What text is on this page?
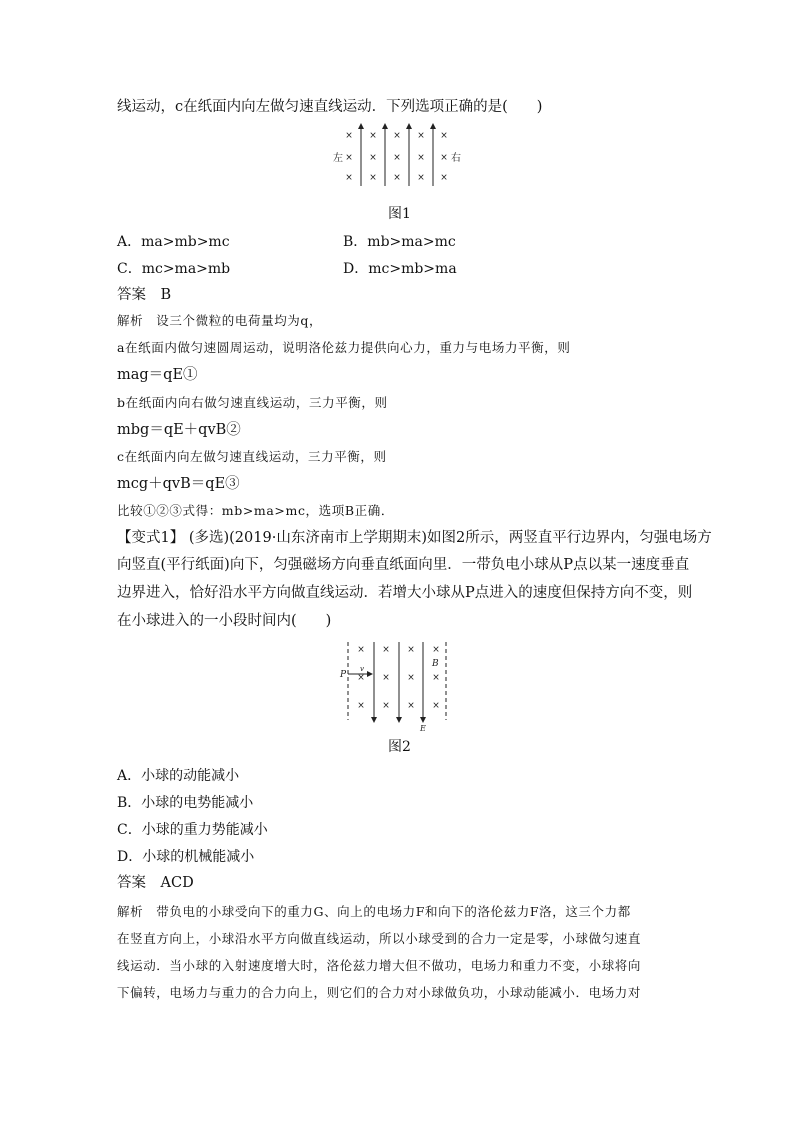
线运动，c在纸面内向左做匀速直线运动．下列选项正确的是(　　)
× × × × ×
× × × × ×
× × × × ×
左	右
图1
A．ma>mb>mc	B．mb>ma>mc
C．mc>ma>mb	D．mc>mb>ma
答案　B
解析　设三个微粒的电荷量均为q，
a在纸面内做匀速圆周运动，说明洛伦兹力提供向心力，重力与电场力平衡，则
mag＝qE①
b在纸面内向右做匀速直线运动，三力平衡，则
mbg＝qE＋qvB②
c在纸面内向左做匀速直线运动，三力平衡，则
mcg＋qvB＝qE③
比较①②③式得：mb>ma>mc，选项B正确．
【变式1】 (多选)(2019·山东济南市上学期期末)如图2所示，两竖直平行边界内，匀强电场方
向竖直(平行纸面)向下，匀强磁场方向垂直纸面向里．一带负电小球从P点以某一速度垂直
边界进入，恰好沿水平方向做直线运动．若增大小球从P点进入的速度但保持方向不变，则
在小球进入的一小段时间内(　　)
× × × ×
× × × ×
× × × ×
P
v	B
E
图2
A．小球的动能减小
B．小球的电势能减小
C．小球的重力势能减小
D．小球的机械能减小
答案　ACD
解析　带负电的小球受向下的重力G、向上的电场力F和向下的洛伦兹力F洛，这三个力都
在竖直方向上，小球沿水平方向做直线运动，所以小球受到的合力一定是零，小球做匀速直
线运动．当小球的入射速度增大时，洛伦兹力增大但不做功，电场力和重力不变，小球将向
下偏转，电场力与重力的合力向上，则它们的合力对小球做负功，小球动能减小．电场力对
